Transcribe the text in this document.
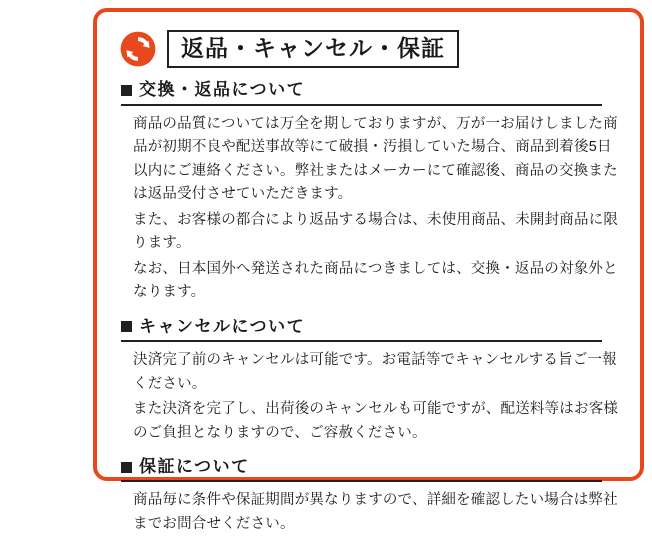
返品・キャンセル・保証
交換・返品について

商品の品質については万全を期しておりますが、万が一お届けしました商品が初期不良や配送事故等にて破損・汚損していた場合、商品到着後5日以内にご連絡ください。弊社またはメーカーにて確認後、商品の交換または返品受付させていただきます。

また、お客様の都合により返品する場合は、未使用商品、未開封商品に限ります。

なお、日本国外へ発送された商品につきましては、交換・返品の対象外となります。

キャンセルについて

決済完了前のキャンセルは可能です。お電話等でキャンセルする旨ご一報ください。

また決済を完了し、出荷後のキャンセルも可能ですが、配送料等はお客様のご負担となりますので、ご容赦ください。

保証について

商品毎に条件や保証期間が異なりますので、詳細を確認したい場合は弊社までお問合せください。
